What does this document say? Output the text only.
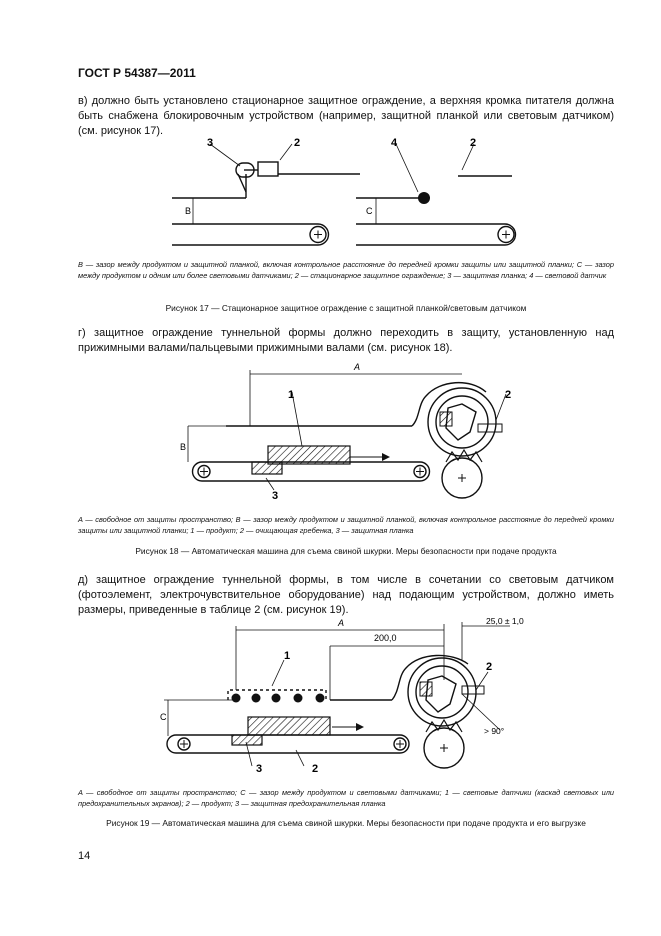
ГОСТ Р 54387—2011
в) должно быть установлено стационарное защитное ограждение, а верхняя кромка питателя должна быть снабжена блокировочным устройством (например, защитной планкой или световым датчиком) (см. рисунок 17).
3	2	4	2
B	C
B — зазор между продуктом и защитной планкой, включая контрольное расстояние до передней кромки защиты или защитной планки; C — зазор между продуктом и одним или более световыми датчиками; 2 — стационарное защитное ограждение; 3 — защитная планка; 4 — световой датчик
Рисунок 17 — Стационарное защитное ограждение с защитной планкой/световым датчиком
г) защитное ограждение туннельной формы должно переходить в защиту, установленную над прижимными валами/пальцевыми прижимными валами (см. рисунок 18).
A
B
1	2
3
A — свободное от защиты пространство; B — зазор между продуктом и защитной планкой, включая контрольное расстояние до передней кромки защиты или защитной планки; 1 — продукт; 2 — очищающая гребенка, 3 — защитная планка
Рисунок 18 — Автоматическая машина для съема свиной шкурки. Меры безопасности при подаче продукта
д) защитное ограждение туннельной формы, в том числе в сочетании со световым датчиком (фотоэлемент, электрочувствительное оборудование) над подающим устройством, должно иметь размеры, приведенные в таблице 2 (см. рисунок 19).
A
200,0
25,0 ± 1,0
C
1
2
2
3
> 90°
A — свободное от защиты пространство; C — зазор между продуктом и световыми датчиками; 1 — световые датчики (каскад световых или предохранительных экранов); 2 — продукт; 3 — защитная предохранительная планка
Рисунок 19 — Автоматическая машина для съема свиной шкурки. Меры безопасности при подаче продукта и его выгрузке
14
